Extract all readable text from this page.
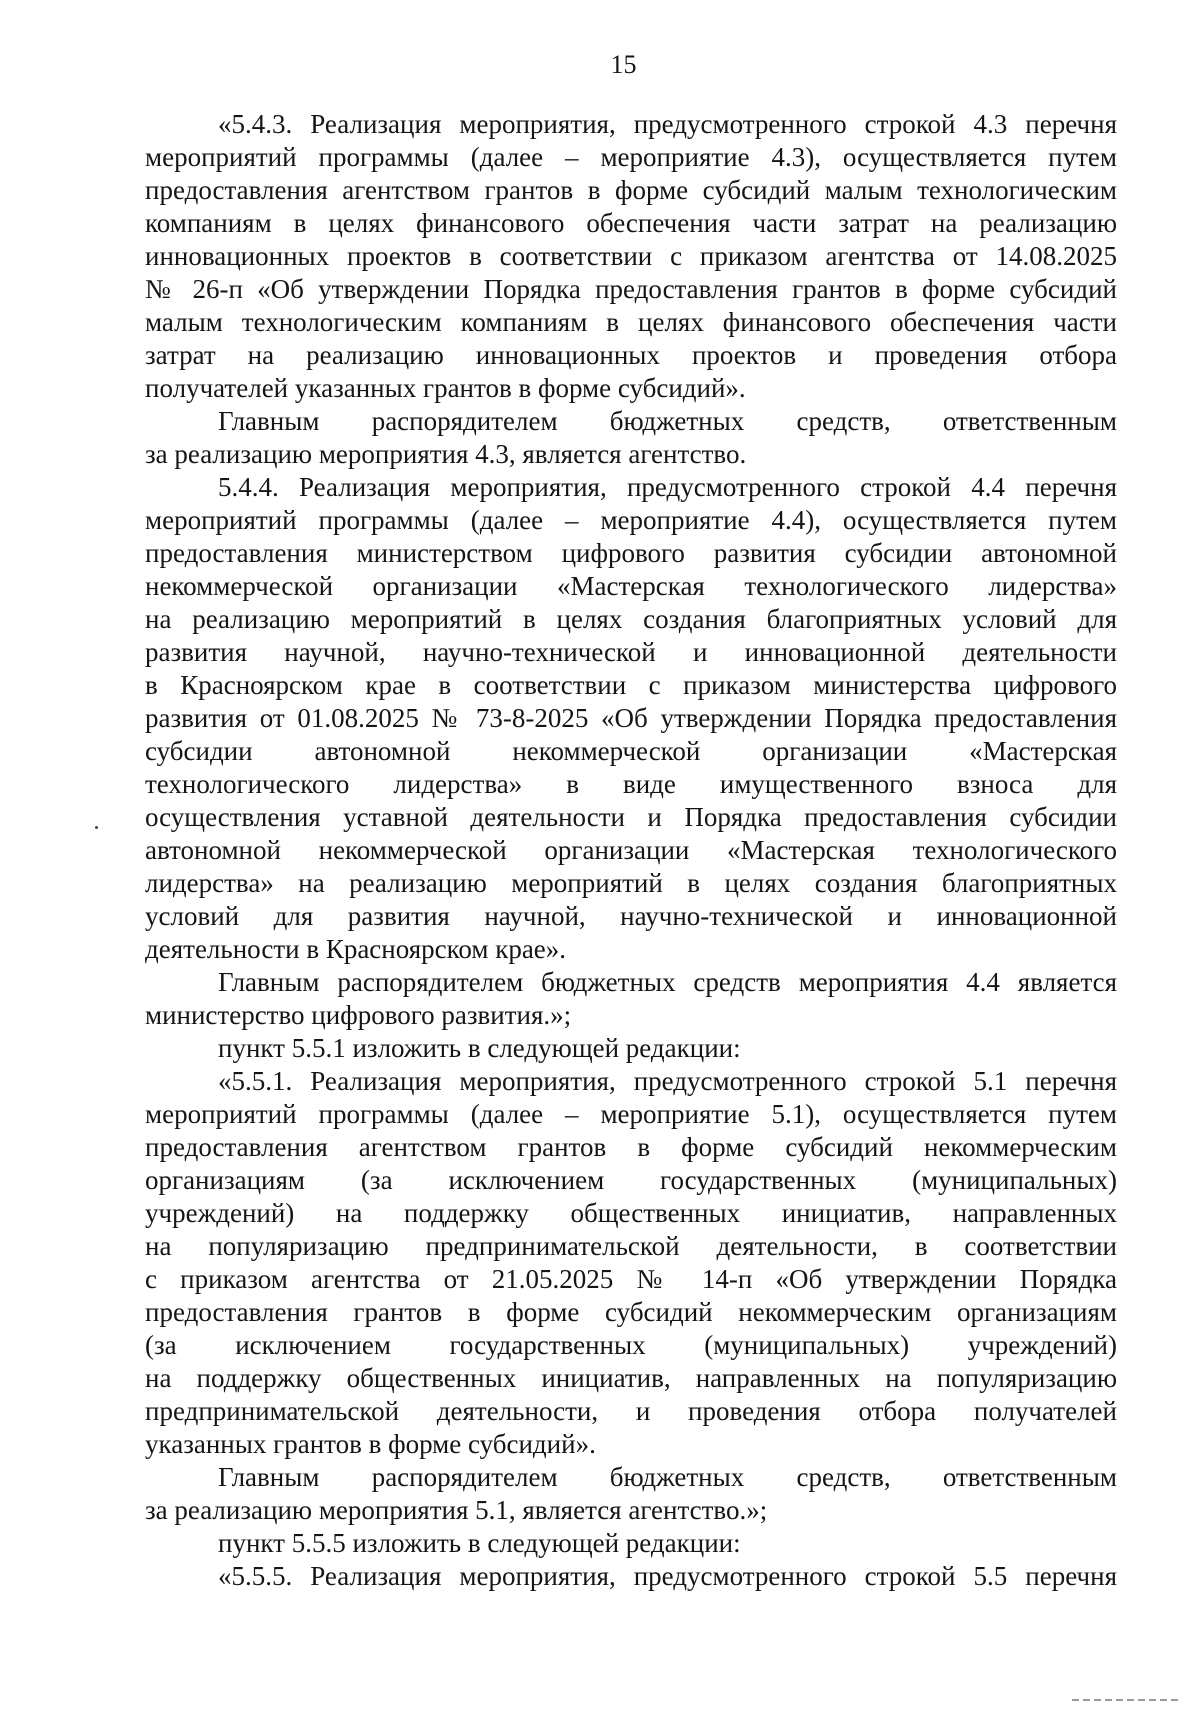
15
«5.4.3. Реализация мероприятия, предусмотренного строкой 4.3 перечня
мероприятий программы (далее – мероприятие 4.3), осуществляется путем
предоставления агентством грантов в форме субсидий малым технологическим
компаниям в целях финансового обеспечения части затрат на реализацию
инновационных проектов в соответствии с приказом агентства от 14.08.2025
№ 26-п «Об утверждении Порядка предоставления грантов в форме субсидий
малым технологическим компаниям в целях финансового обеспечения части
затрат на реализацию инновационных проектов и проведения отбора
получателей указанных грантов в форме субсидий».
Главным распорядителем бюджетных средств, ответственным
за реализацию мероприятия 4.3, является агентство.
5.4.4. Реализация мероприятия, предусмотренного строкой 4.4 перечня
мероприятий программы (далее – мероприятие 4.4), осуществляется путем
предоставления министерством цифрового развития субсидии автономной
некоммерческой организации «Мастерская технологического лидерства»
на реализацию мероприятий в целях создания благоприятных условий для
развития научной, научно-технической и инновационной деятельности
в Красноярском крае в соответствии с приказом министерства цифрового
развития от 01.08.2025 № 73-8-2025 «Об утверждении Порядка предоставления
субсидии автономной некоммерческой организации «Мастерская
технологического лидерства» в виде имущественного взноса для
осуществления уставной деятельности и Порядка предоставления субсидии
автономной некоммерческой организации «Мастерская технологического
лидерства» на реализацию мероприятий в целях создания благоприятных
условий для развития научной, научно-технической и инновационной
деятельности в Красноярском крае».
Главным распорядителем бюджетных средств мероприятия 4.4 является
министерство цифрового развития.»;
пункт 5.5.1 изложить в следующей редакции:
«5.5.1. Реализация мероприятия, предусмотренного строкой 5.1 перечня
мероприятий программы (далее – мероприятие 5.1), осуществляется путем
предоставления агентством грантов в форме субсидий некоммерческим
организациям (за исключением государственных (муниципальных)
учреждений) на поддержку общественных инициатив, направленных
на популяризацию предпринимательской деятельности, в соответствии
с приказом агентства от 21.05.2025 № 14-п «Об утверждении Порядка
предоставления грантов в форме субсидий некоммерческим организациям
(за исключением государственных (муниципальных) учреждений)
на поддержку общественных инициатив, направленных на популяризацию
предпринимательской деятельности, и проведения отбора получателей
указанных грантов в форме субсидий».
Главным распорядителем бюджетных средств, ответственным
за реализацию мероприятия 5.1, является агентство.»;
пункт 5.5.5 изложить в следующей редакции:
«5.5.5. Реализация мероприятия, предусмотренного строкой 5.5 перечня
